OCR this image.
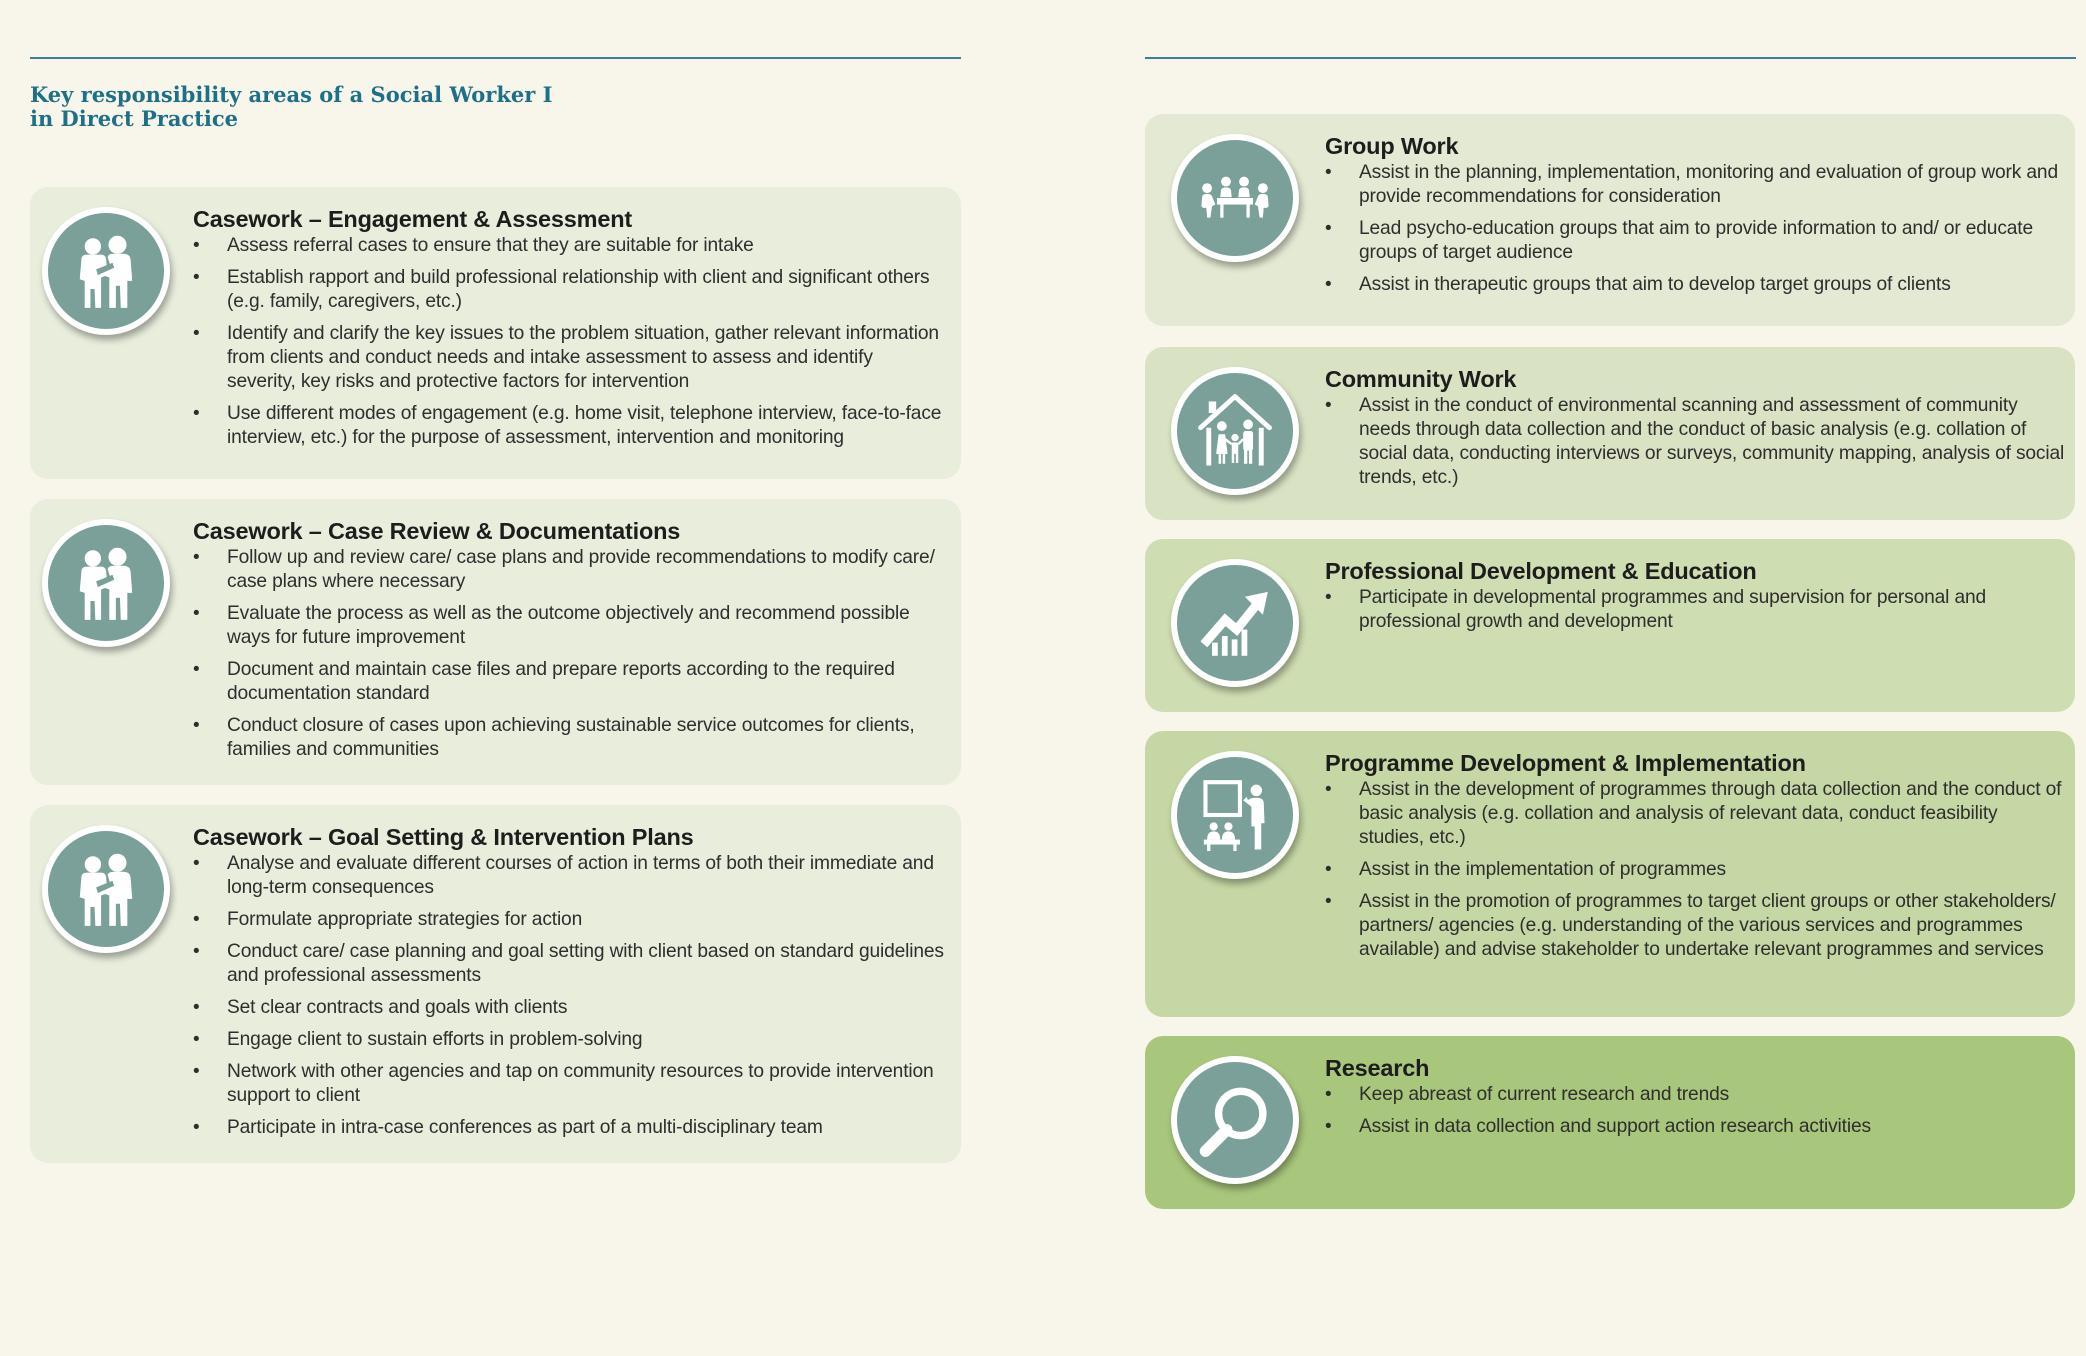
Key responsibility areas of a Social Worker I
in Direct Practice
Casework – Engagement & Assessment
• Assess referral cases to ensure that they are suitable for intake
• Establish rapport and build professional relationship with client and significant others (e.g. family, caregivers, etc.)
• Identify and clarify the key issues to the problem situation, gather relevant information from clients and conduct needs and intake assessment to assess and identify severity, key risks and protective factors for intervention
• Use different modes of engagement (e.g. home visit, telephone interview, face-to-face interview, etc.) for the purpose of assessment, intervention and monitoring
Casework – Case Review & Documentations
• Follow up and review care/ case plans and provide recommendations to modify care/ case plans where necessary
• Evaluate the process as well as the outcome objectively and recommend possible ways for future improvement
• Document and maintain case files and prepare reports according to the required documentation standard
• Conduct closure of cases upon achieving sustainable service outcomes for clients, families and communities
Casework – Goal Setting & Intervention Plans
• Analyse and evaluate different courses of action in terms of both their immediate and long-term consequences
• Formulate appropriate strategies for action
• Conduct care/ case planning and goal setting with client based on standard guidelines and professional assessments
• Set clear contracts and goals with clients
• Engage client to sustain efforts in problem-solving
• Network with other agencies and tap on community resources to provide intervention support to client
• Participate in intra-case conferences as part of a multi-disciplinary team
Group Work
• Assist in the planning, implementation, monitoring and evaluation of group work and provide recommendations for consideration
• Lead psycho-education groups that aim to provide information to and/ or educate groups of target audience
• Assist in therapeutic groups that aim to develop target groups of clients
Community Work
• Assist in the conduct of environmental scanning and assessment of community needs through data collection and the conduct of basic analysis (e.g. collation of social data, conducting interviews or surveys, community mapping, analysis of social trends, etc.)
Professional Development & Education
• Participate in developmental programmes and supervision for personal and professional growth and development
Programme Development & Implementation
• Assist in the development of programmes through data collection and the conduct of basic analysis (e.g. collation and analysis of relevant data, conduct feasibility studies, etc.)
• Assist in the implementation of programmes
• Assist in the promotion of programmes to target client groups or other stakeholders/ partners/ agencies (e.g. understanding of the various services and programmes available) and advise stakeholder to undertake relevant programmes and services
Research
• Keep abreast of current research and trends
• Assist in data collection and support action research activities
